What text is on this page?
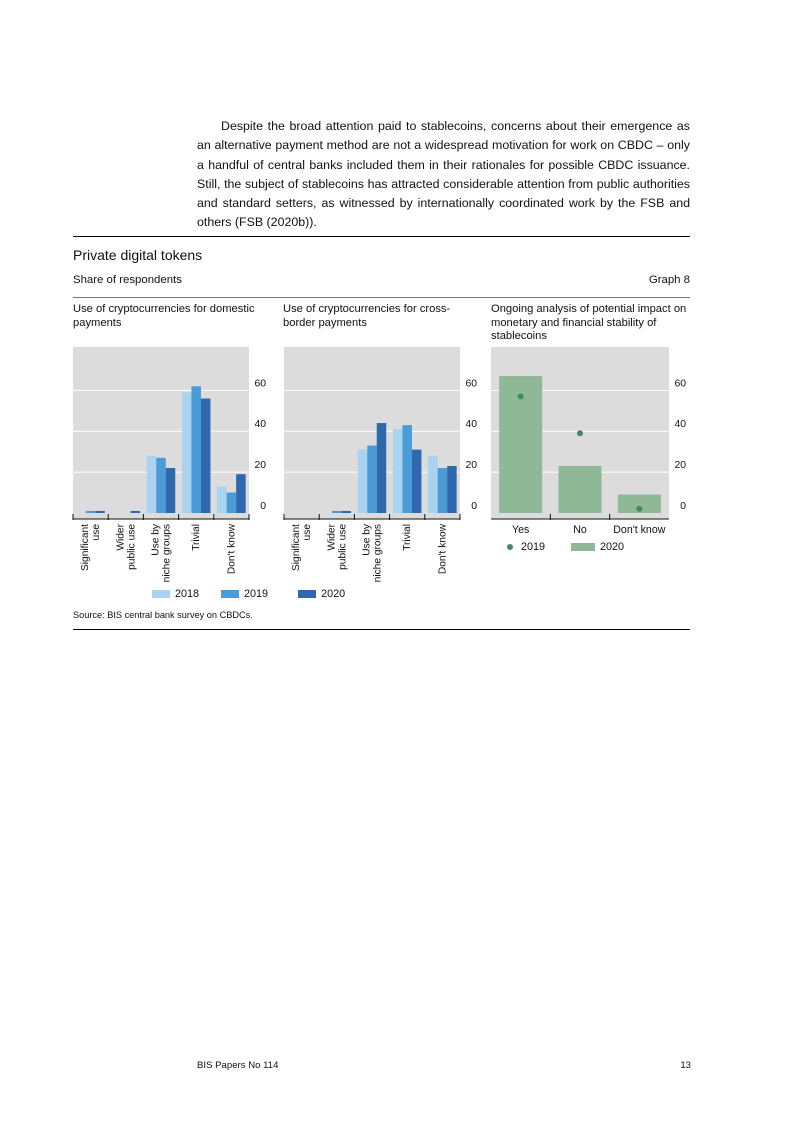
Despite the broad attention paid to stablecoins, concerns about their emergence as an alternative payment method are not a widespread motivation for work on CBDC – only a handful of central banks included them in their rationales for possible CBDC issuance. Still, the subject of stablecoins has attracted considerable attention from public authorities and standard setters, as witnessed by internationally coordinated work by the FSB and others (FSB (2020b)).
Private digital tokens
Share of respondents	Graph 8
Use of cryptocurrencies for domestic payments
Use of cryptocurrencies for cross-border payments
Ongoing analysis of potential impact on monetary and financial stability of stablecoins
0
20
40
60
Significant use Wider public use Use by niche groups Trivial Don't know
0
20
40
60
Significant use Wider public use Use by niche groups Trivial Don't know
0
20
40
60
Yes	No	Don't know
2018	2019	2020
2019	2020
Source: BIS central bank survey on CBDCs.
BIS Papers No 114	13
